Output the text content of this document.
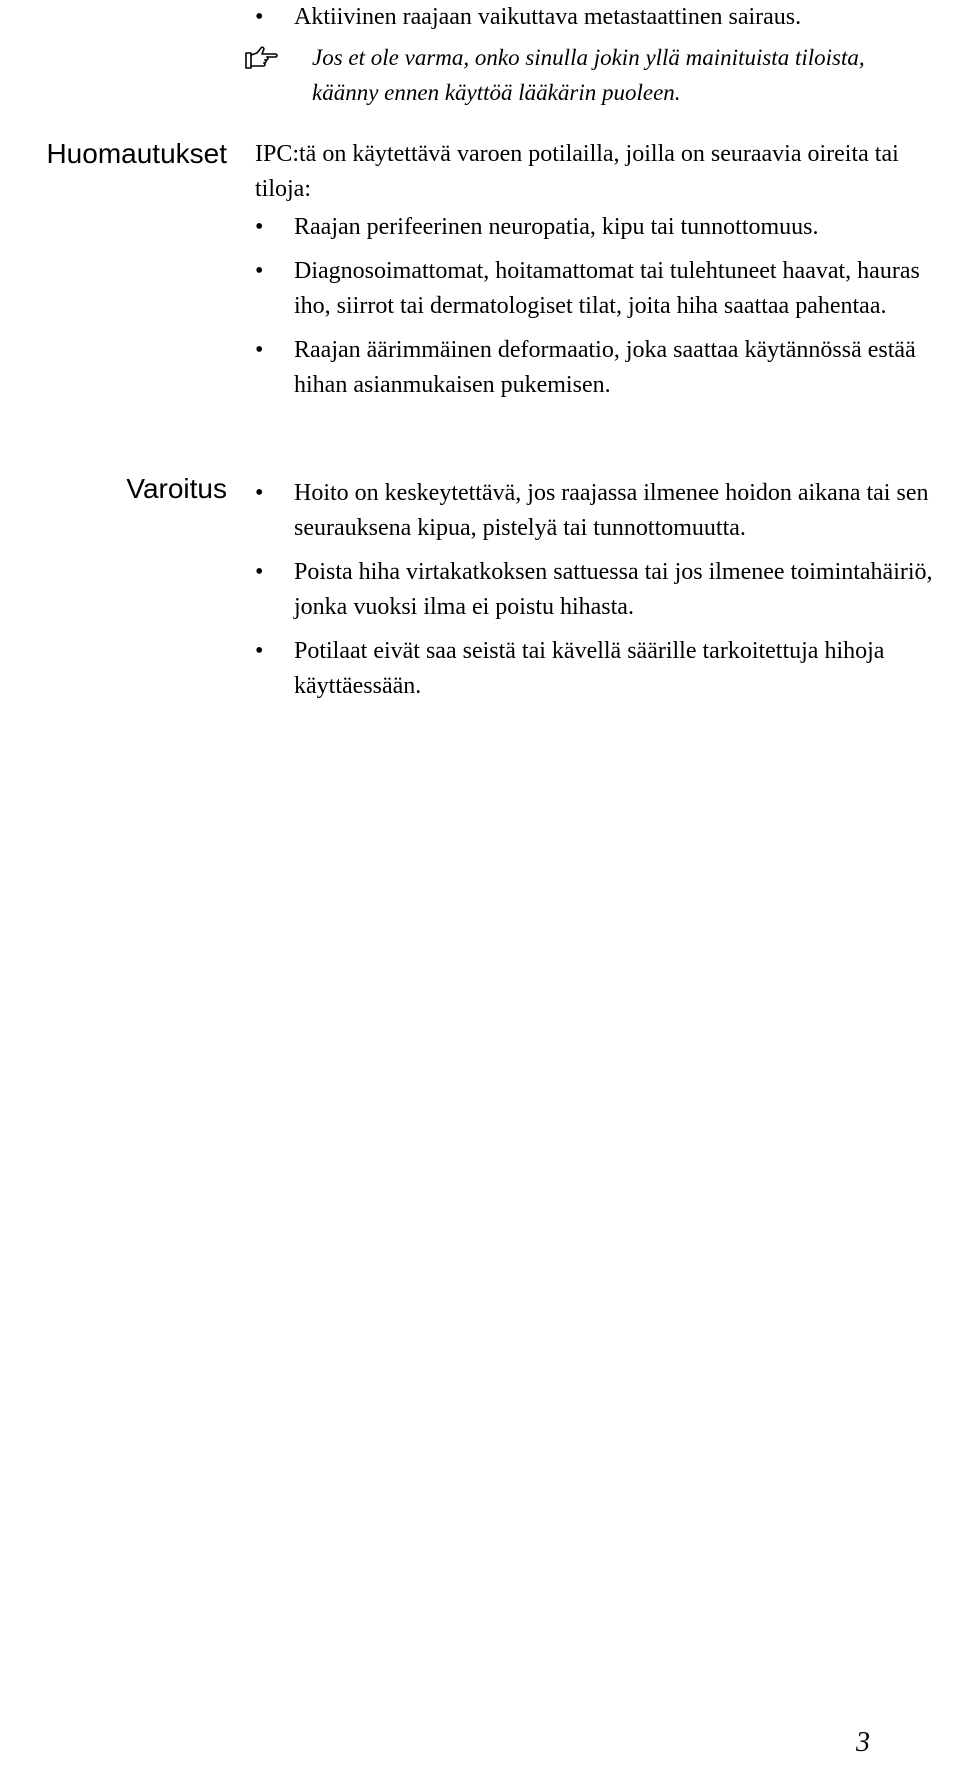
• Aktiivinen raajaan vaikuttava metastaattinen sairaus.
Jos et ole varma, onko sinulla jokin yllä mainituista tiloista, käänny ennen käyttöä lääkärin puoleen.
Huomautukset IPC:tä on käytettävä varoen potilailla, joilla on seuraavia oireita tai tiloja:
• Raajan perifeerinen neuropatia, kipu tai tunnottomuus.
• Diagnosoimattomat, hoitamattomat tai tulehtuneet haavat, hauras iho, siirrot tai dermatologiset tilat, joita hiha saattaa pahentaa.
• Raajan äärimmäinen deformaatio, joka saattaa käytännössä estää hihan asianmukaisen pukemisen.
Varoitus
•	Hoito on keskeytettävä, jos raajassa ilmenee hoidon aikana tai sen seurauksena kipua, pistelyä tai tunnottomuutta.
• Poista hiha virtakatkoksen sattuessa tai jos ilmenee toimintahäiriö, jonka vuoksi ilma ei poistu hihasta.
• Potilaat eivät saa seistä tai kävellä säärille tarkoitettuja hihoja käyttäessään.
3
